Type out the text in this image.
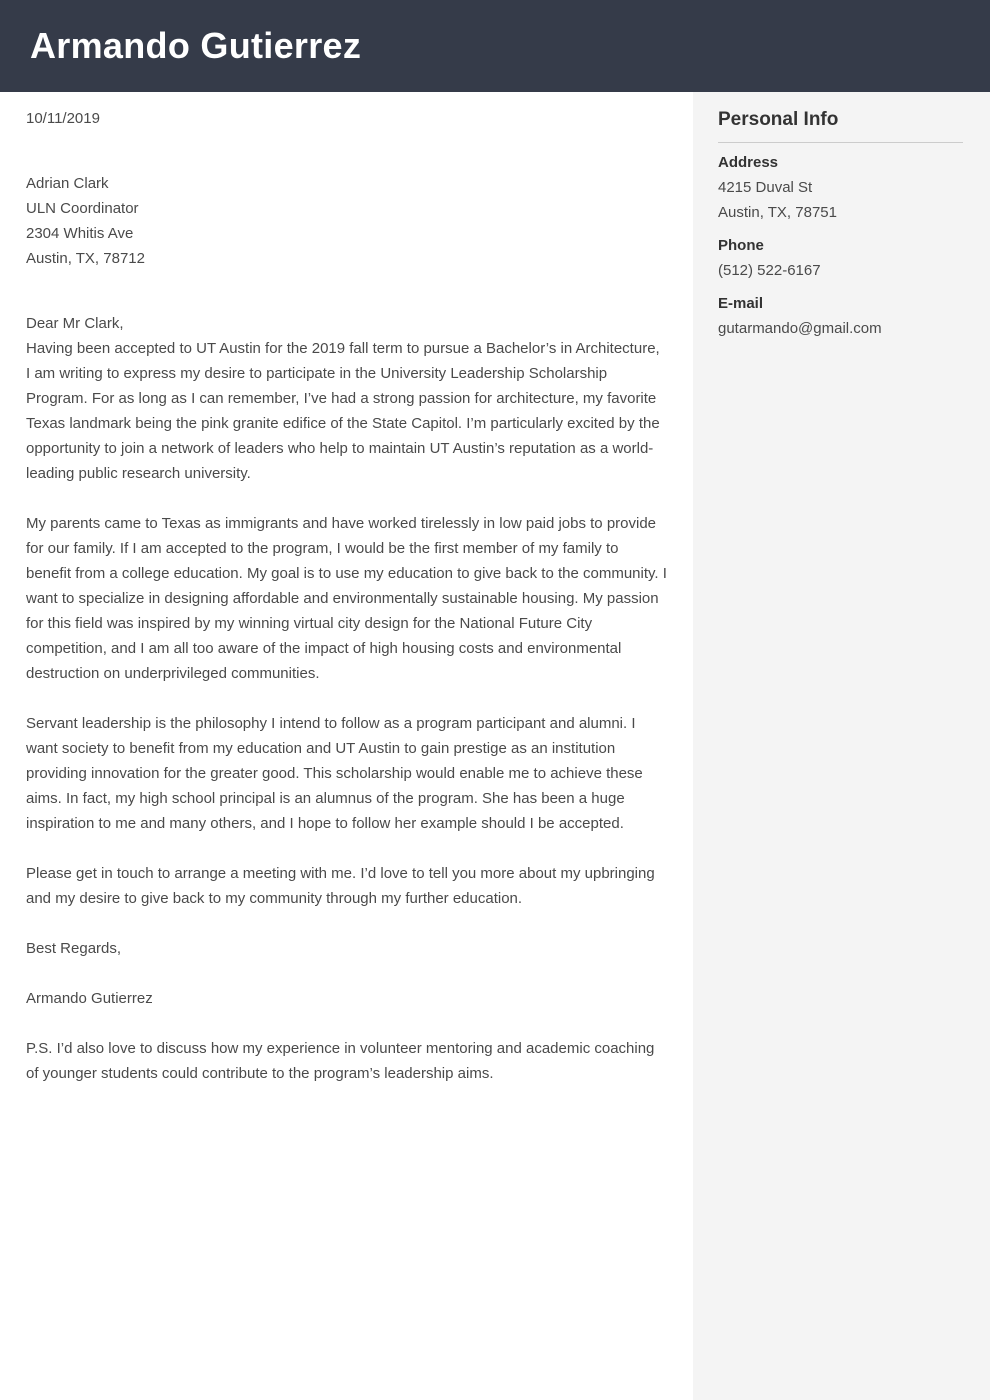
Armando Gutierrez
10/11/2019
Adrian Clark
ULN Coordinator
2304 Whitis Ave
Austin, TX, 78712
Dear Mr Clark,
Having been accepted to UT Austin for the 2019 fall term to pursue a Bachelor’s in Architecture, I am writing to express my desire to participate in the University Leadership Scholarship Program. For as long as I can remember, I’ve had a strong passion for architecture, my favorite Texas landmark being the pink granite edifice of the State Capitol. I’m particularly excited by the opportunity to join a network of leaders who help to maintain UT Austin’s reputation as a world-leading public research university.
My parents came to Texas as immigrants and have worked tirelessly in low paid jobs to provide for our family. If I am accepted to the program, I would be the first member of my family to benefit from a college education. My goal is to use my education to give back to the community. I want to specialize in designing affordable and environmentally sustainable housing. My passion for this field was inspired by my winning virtual city design for the National Future City competition, and I am all too aware of the impact of high housing costs and environmental destruction on underprivileged communities.
Servant leadership is the philosophy I intend to follow as a program participant and alumni. I want society to benefit from my education and UT Austin to gain prestige as an institution providing innovation for the greater good. This scholarship would enable me to achieve these aims. In fact, my high school principal is an alumnus of the program. She has been a huge inspiration to me and many others, and I hope to follow her example should I be accepted.
Please get in touch to arrange a meeting with me. I’d love to tell you more about my upbringing and my desire to give back to my community through my further education.
Best Regards,
Armando Gutierrez
P.S. I’d also love to discuss how my experience in volunteer mentoring and academic coaching of younger students could contribute to the program’s leadership aims.
Personal Info
Address
4215 Duval St
Austin, TX, 78751
Phone
(512) 522-6167
E-mail
gutarmando@gmail.com
